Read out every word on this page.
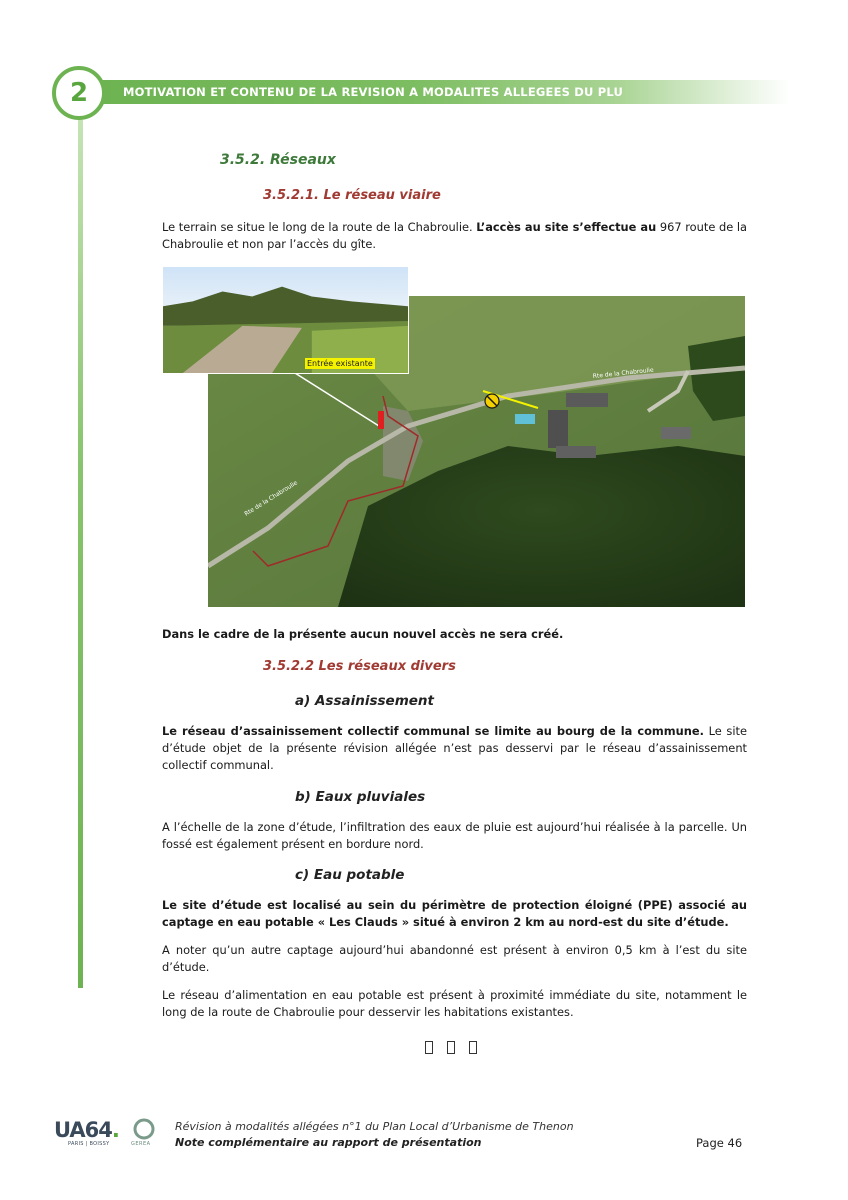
MOTIVATION ET CONTENU DE LA REVISION A MODALITES ALLEGEES DU PLU
2
3.5.2. Réseaux
3.5.2.1. Le réseau viaire
Le terrain se situe le long de la route de la Chabroulie. L’accès au site s’effectue au 967 route de la Chabroulie et non par l’accès du gîte.
Rte de la Chabroulie
Rte de la Chabroulie
Entrée existante
Dans le cadre de la présente aucun nouvel accès ne sera créé.
3.5.2.2 Les réseaux divers
a) Assainissement
Le réseau d’assainissement collectif communal se limite au bourg de la commune. Le site d’étude objet de la présente révision allégée n’est pas desservi par le réseau d’assainissement collectif communal.
b) Eaux pluviales
A l’échelle de la zone d’étude, l’infiltration des eaux de pluie est aujourd’hui réalisée à la parcelle. Un fossé est également présent en bordure nord.
c) Eau potable
Le site d’étude est localisé au sein du périmètre de protection éloigné (PPE) associé au captage en eau potable « Les Clauds » situé à environ 2 km au nord-est du site d’étude.
A noter qu’un autre captage aujourd’hui abandonné est présent à environ 0,5 km à l’est du site d’étude.
Le réseau d’alimentation en eau potable est présent à proximité immédiate du site, notamment le long de la route de Chabroulie pour desservir les habitations existantes.
UA64.
PARIS | BOISSY	GEREA
Révision à modalités allégées n°1 du Plan Local d’Urbanisme de Thenon
Note complémentaire au rapport de présentation	Page 46
